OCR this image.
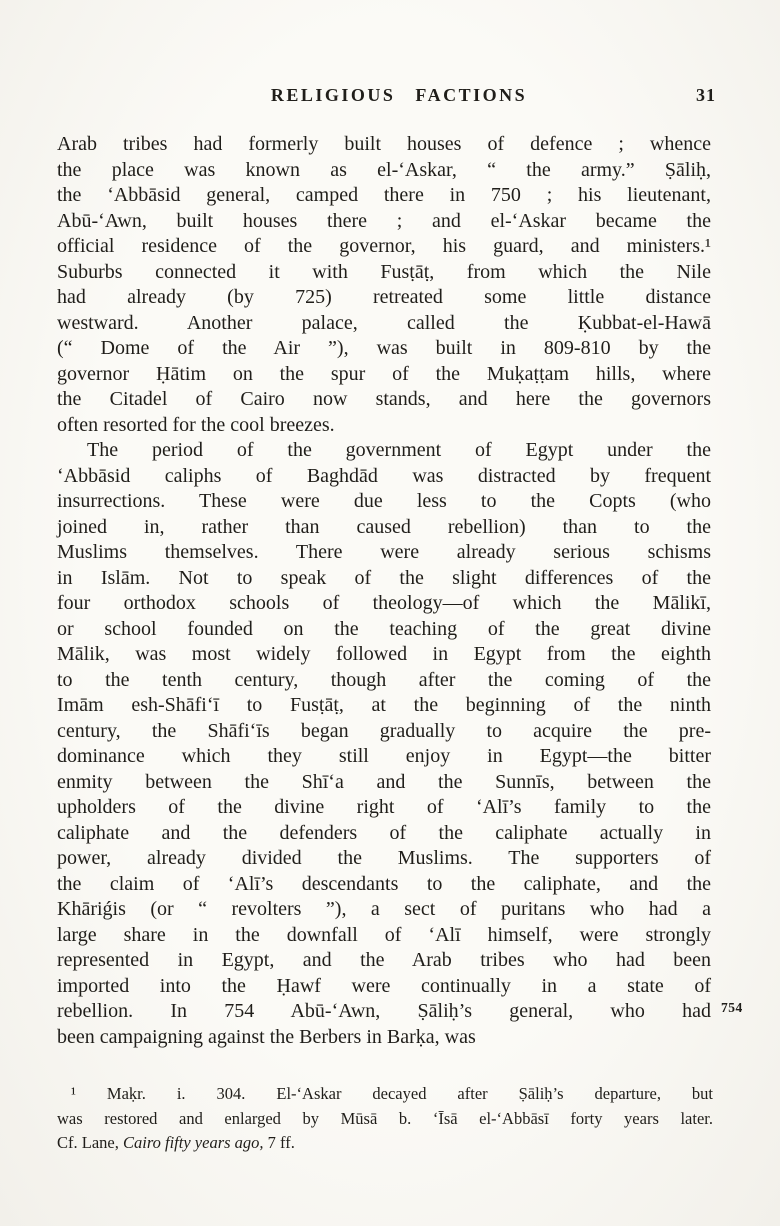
RELIGIOUS FACTIONS	31
Arab tribes had formerly built houses of defence ; whence
the place was known as el-‘Askar, “ the army.” Ṣāliḥ,
the ‘Abbāsid general, camped there in 750 ; his lieutenant,
Abū-‘Awn, built houses there ; and el-‘Askar became the
official residence of the governor, his guard, and ministers.¹
Suburbs connected it with Fusṭāṭ, from which the Nile
had already (by 725) retreated some little distance
westward. Another palace, called the Ḳubbat-el-Hawā
(“ Dome of the Air ”), was built in 809-810 by the
governor Ḥātim on the spur of the Muḳaṭṭam hills, where
the Citadel of Cairo now stands, and here the governors
often resorted for the cool breezes.
The period of the government of Egypt under the
‘Abbāsid caliphs of Baghdād was distracted by frequent
insurrections. These were due less to the Copts (who
joined in, rather than caused rebellion) than to the
Muslims themselves. There were already serious schisms
in Islām. Not to speak of the slight differences of the
four orthodox schools of theology—of which the Mālikī,
or school founded on the teaching of the great divine
Mālik, was most widely followed in Egypt from the eighth
to the tenth century, though after the coming of the
Imām esh-Shāfi‘ī to Fusṭāṭ, at the beginning of the ninth
century, the Shāfi‘īs began gradually to acquire the pre-
dominance which they still enjoy in Egypt—the bitter
enmity between the Shī‘a and the Sunnīs, between the
upholders of the divine right of ‘Alī’s family to the
caliphate and the defenders of the caliphate actually in
power, already divided the Muslims. The supporters of
the claim of ‘Alī’s descendants to the caliphate, and the
Khāriǵis (or “ revolters ”), a sect of puritans who had a
large share in the downfall of ‘Alī himself, were strongly
represented in Egypt, and the Arab tribes who had been
imported into the Ḥawf were continually in a state of
rebellion. In 754 Abū-‘Awn, Ṣāliḥ’s general, who had
been campaigning against the Berbers in Barḳa, was
754
¹ Maḳr. i. 304. El-‘Askar decayed after Ṣāliḥ’s departure, but
was restored and enlarged by Mūsā b. ‘Īsā el-‘Abbāsī forty years later.
Cf. Lane, Cairo fifty years ago, 7 ff.
